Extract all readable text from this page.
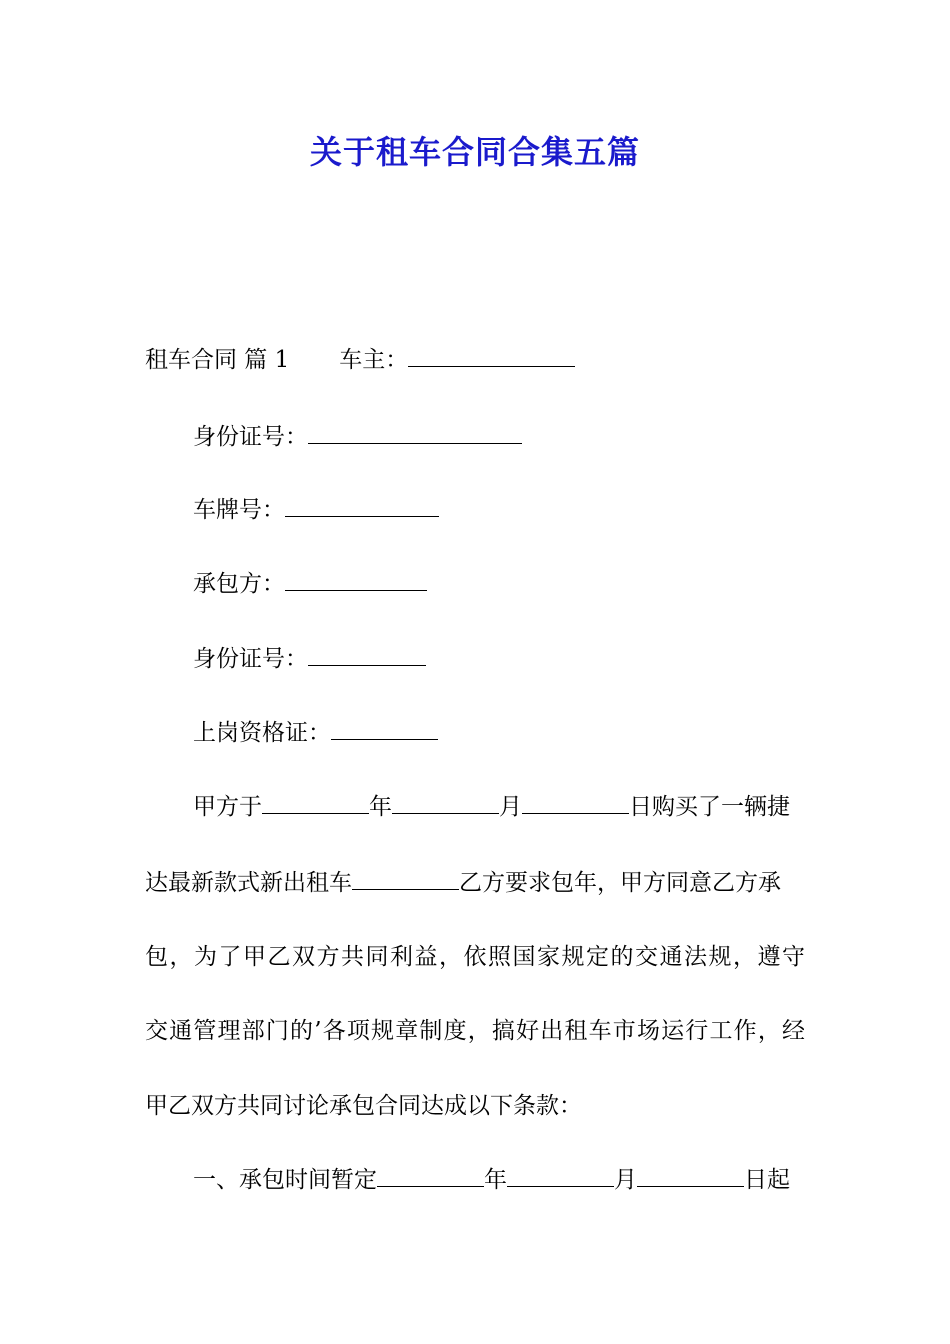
关于租车合同合集五篇
租车合同 篇 1 车主：
身份证号：
车牌号：
承包方：
身份证号：
上岗资格证：
甲方于	年	月	日购买了一辆捷
达最新款式新出租车	乙方要求包年，甲方同意乙方承
包，为了甲乙双方共同利益，依照国家规定的交通法规，遵守
交通管理部门的’各项规章制度，搞好出租车市场运行工作，经
甲乙双方共同讨论承包合同达成以下条款：
一、承包时间暂定	年	月	日起
